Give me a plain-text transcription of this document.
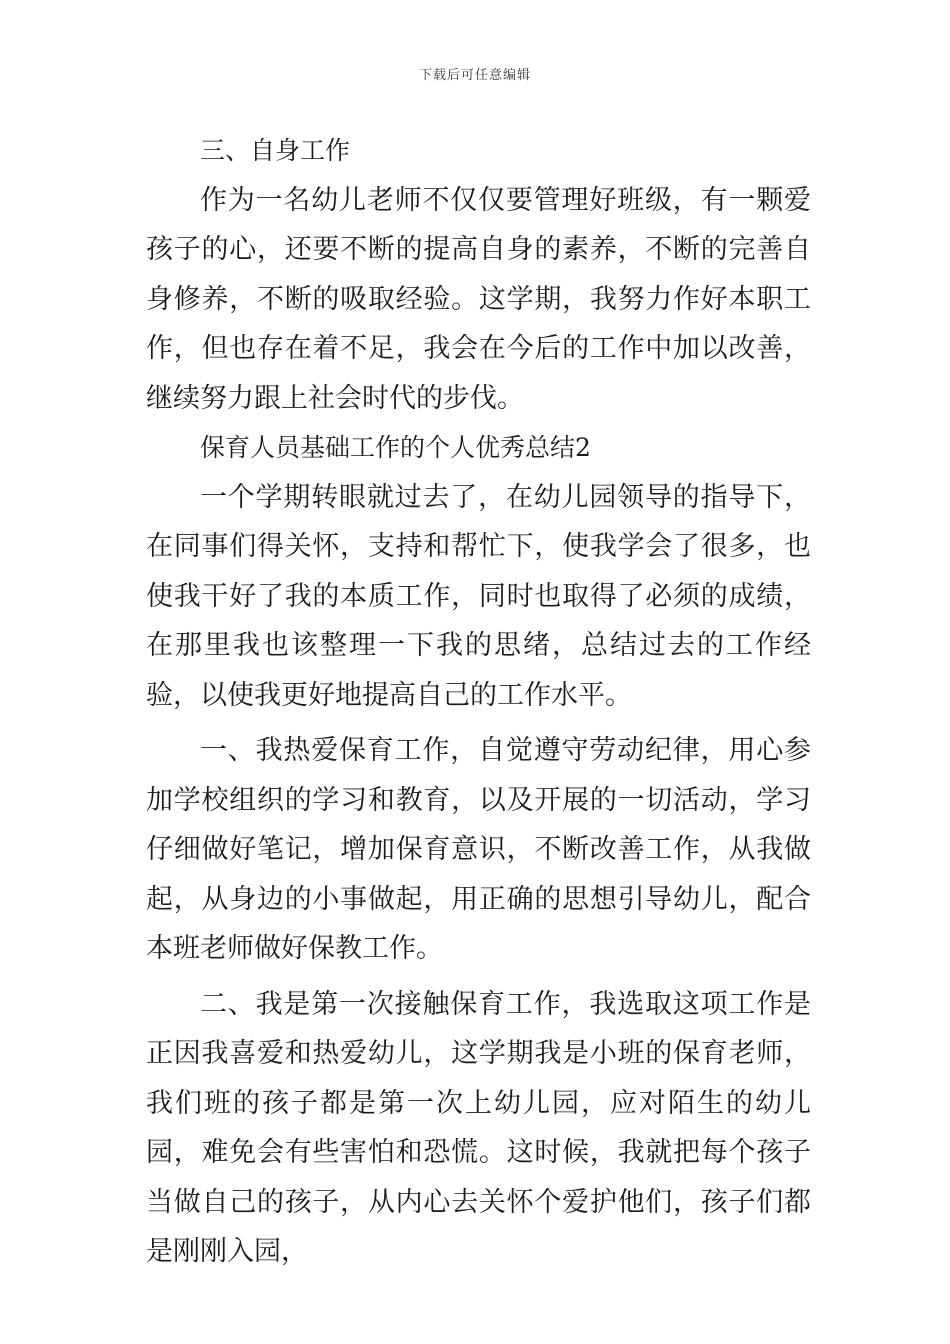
下载后可任意编辑

三、自身工作

作为一名幼儿老师不仅仅要管理好班级，有一颗爱孩子的心，还要不断的提高自身的素养，不断的完善自身修养，不断的吸取经验。这学期，我努力作好本职工作，但也存在着不足，我会在今后的工作中加以改善，继续努力跟上社会时代的步伐。

保育人员基础工作的个人优秀总结2

一个学期转眼就过去了，在幼儿园领导的指导下，在同事们得关怀，支持和帮忙下，使我学会了很多，也使我干好了我的本质工作，同时也取得了必须的成绩，在那里我也该整理一下我的思绪，总结过去的工作经验，以使我更好地提高自己的工作水平。

一、我热爱保育工作，自觉遵守劳动纪律，用心参加学校组织的学习和教育，以及开展的一切活动，学习仔细做好笔记，增加保育意识，不断改善工作，从我做起，从身边的小事做起，用正确的思想引导幼儿，配合本班老师做好保教工作。

二、我是第一次接触保育工作，我选取这项工作是正因我喜爱和热爱幼儿，这学期我是小班的保育老师，我们班的孩子都是第一次上幼儿园，应对陌生的幼儿园，难免会有些害怕和恐慌。这时候，我就把每个孩子当做自己的孩子，从内心去关怀个爱护他们，孩子们都是刚刚入园，
